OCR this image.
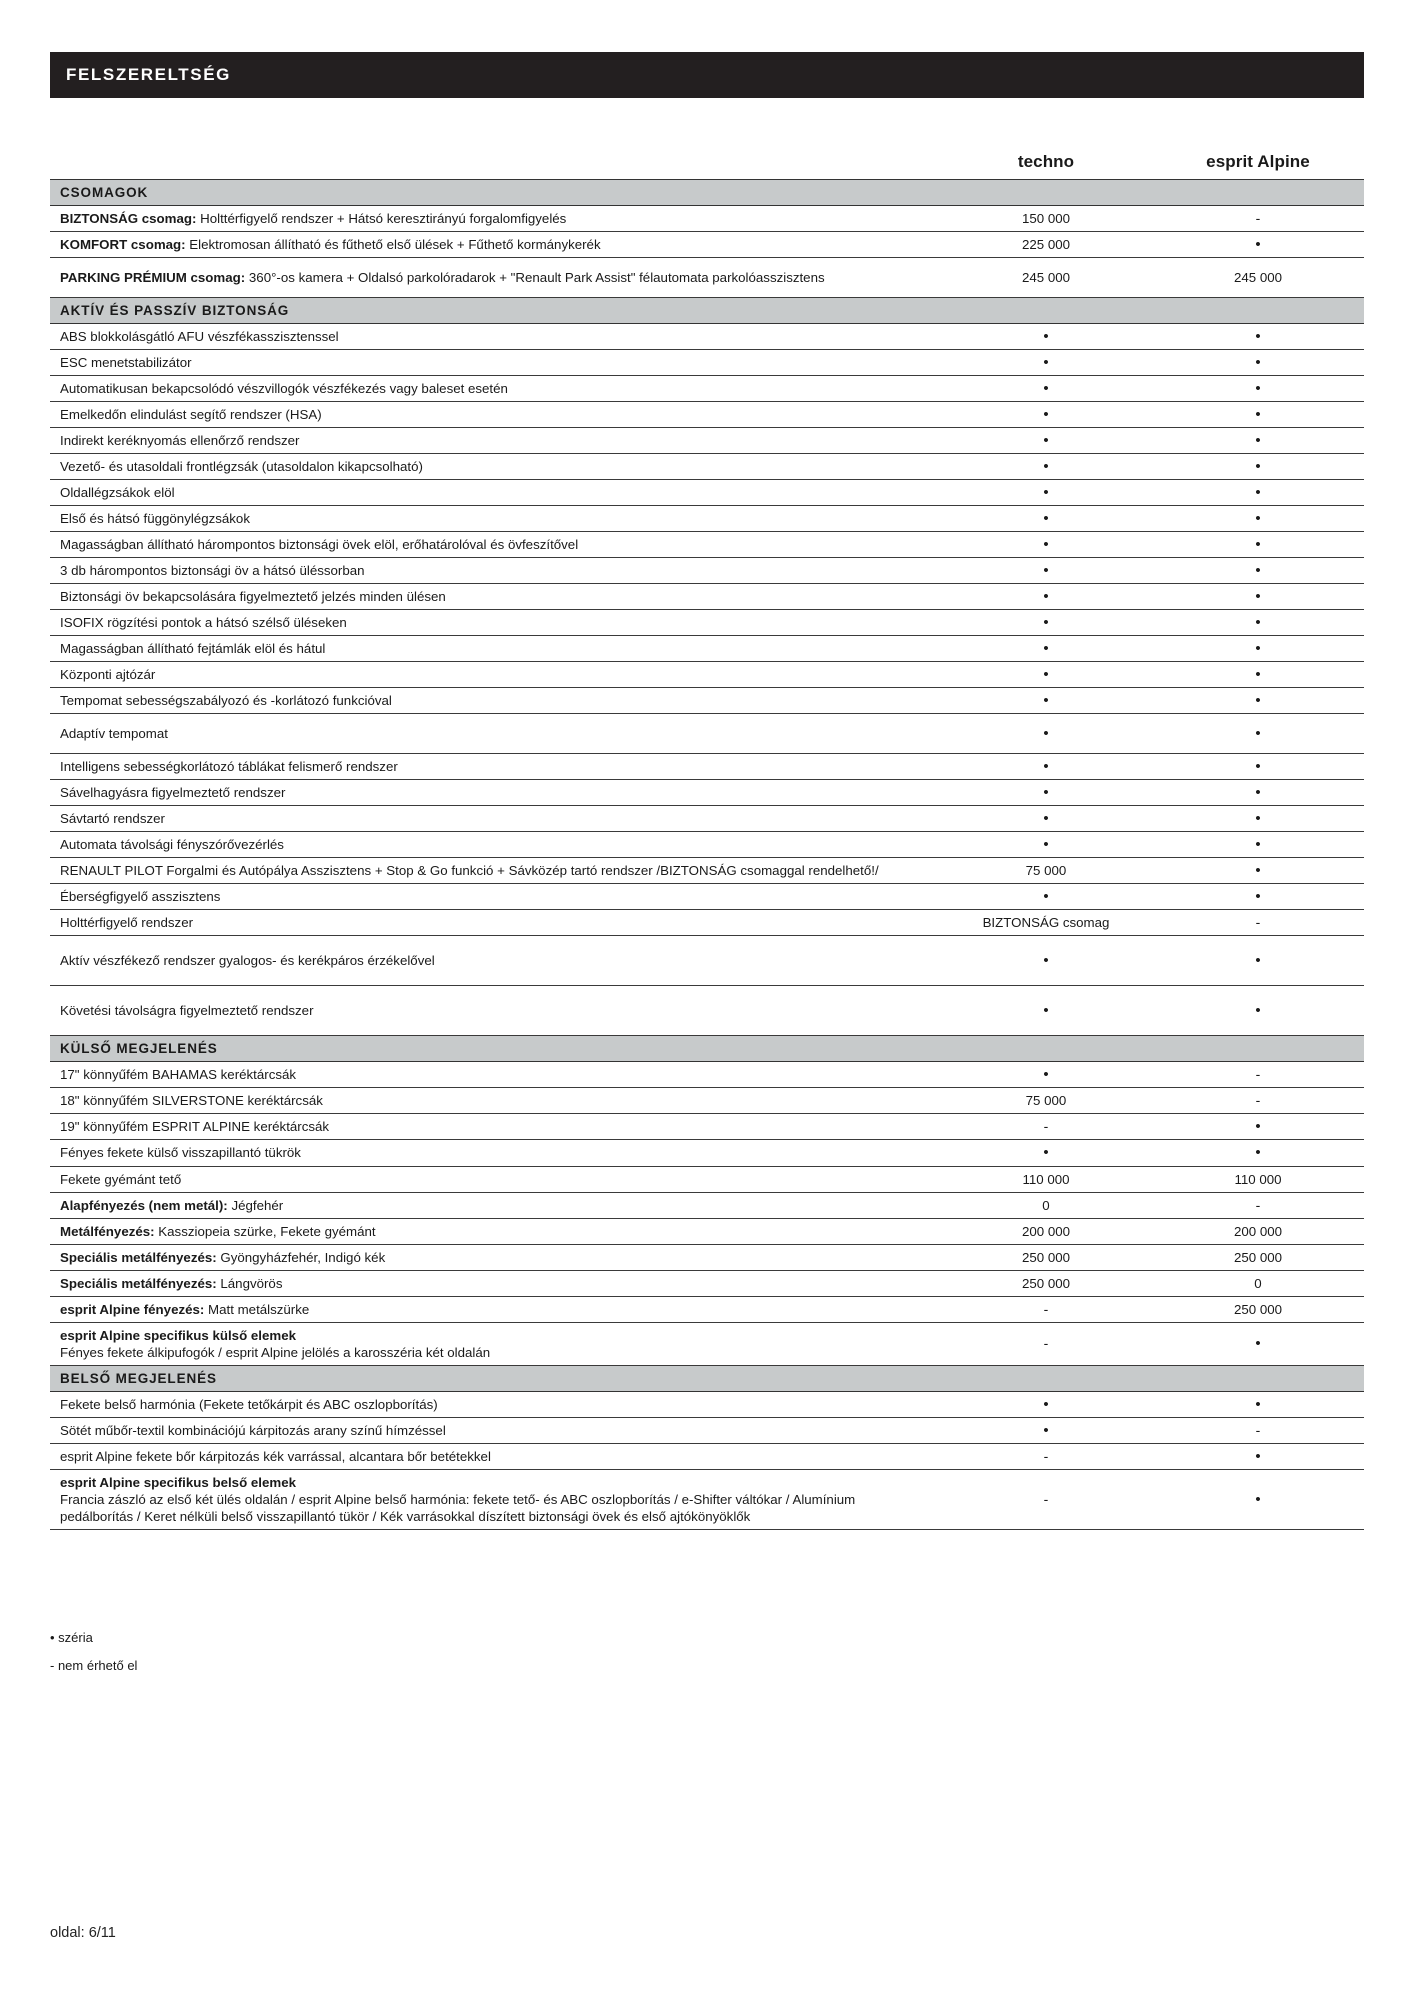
FELSZERELTSÉG
	techno	esprit Alpine
CSOMAGOK		
BIZTONSÁG csomag: Holttérfigyelő rendszer + Hátsó keresztirányú forgalomfigyelés	150 000	-
KOMFORT csomag: Elektromosan állítható és fűthető első ülések + Fűthető kormánykerék	225 000	•
PARKING PRÉMIUM csomag: 360°-os kamera + Oldalsó parkolóradarok + "Renault Park Assist" félautomata parkolóasszisztens	245 000	245 000
AKTÍV ÉS PASSZÍV BIZTONSÁG		
ABS blokkolásgátló AFU vészfékasszisztenssel	•	•
ESC menetstabilizátor	•	•
Automatikusan bekapcsolódó vészvillogók vészfékezés vagy baleset esetén	•	•
Emelkedőn elindulást segítő rendszer (HSA)	•	•
Indirekt keréknyomás ellenőrző rendszer	•	•
Vezető- és utasoldali frontlégzsák (utasoldalon kikapcsolható)	•	•
Oldallégzsákok elöl	•	•
Első és hátsó függönylégzsákok	•	•
Magasságban állítható hárompontos biztonsági övek elöl, erőhatárolóval és övfeszítővel	•	•
3 db hárompontos biztonsági öv a hátsó üléssorban	•	•
Biztonsági öv bekapcsolására figyelmeztető jelzés minden ülésen	•	•
ISOFIX rögzítési pontok a hátsó szélső üléseken	•	•
Magasságban állítható fejtámlák elöl és hátul	•	•
Központi ajtózár	•	•
Tempomat sebességszabályozó és -korlátozó funkcióval	•	•
Adaptív tempomat	•	•
Intelligens sebességkorlátozó táblákat felismerő rendszer	•	•
Sávelhagyásra figyelmeztető rendszer	•	•
Sávtartó rendszer	•	•
Automata távolsági fényszórővezérlés	•	•
RENAULT PILOT Forgalmi és Autópálya Asszisztens + Stop & Go funkció + Sávközép tartó rendszer /BIZTONSÁG csomaggal rendelhető!/	75 000	•
Éberségfigyelő asszisztens	•	•
Holttérfigyelő rendszer	BIZTONSÁG csomag	-
Aktív vészfékező rendszer gyalogos- és kerékpáros érzékelővel	•	•
Követési távolságra figyelmeztető rendszer	•	•
KÜLSŐ MEGJELENÉS		
17" könnyűfém BAHAMAS keréktárcsák	•	-
18" könnyűfém SILVERSTONE keréktárcsák	75 000	-
19" könnyűfém ESPRIT ALPINE keréktárcsák	-	•
Fényes fekete külső visszapillantó tükrök	•	•
Fekete gyémánt tető	110 000	110 000
Alapfényezés (nem metál): Jégfehér	0	-
Metálfényezés: Kassziopeia szürke, Fekete gyémánt	200 000	200 000
Speciális metálfényezés: Gyöngyházfehér, Indigó kék	250 000	250 000
Speciális metálfényezés: Lángvörös	250 000	0
esprit Alpine fényezés: Matt metálszürke	-	250 000
esprit Alpine specifikus külső elemek
Fényes fekete álkipufogók / esprit Alpine jelölés a karosszéria két oldalán	-	•
BELSŐ MEGJELENÉS		
Fekete belső harmónia (Fekete tetőkárpit és ABC oszlopborítás)	•	•
Sötét műbőr-textil kombinációjú kárpitozás arany színű hímzéssel	•	-
esprit Alpine fekete bőr kárpitozás kék varrással, alcantara bőr betétekkel	-	•
esprit Alpine specifikus belső elemek
Francia zászló az első két ülés oldalán / esprit Alpine belső harmónia: fekete tető- és ABC oszlopborítás / e-Shifter váltókar / Alumínium pedálborítás / Keret nélküli belső visszapillantó tükör / Kék varrásokkal díszített biztonsági övek és első ajtókönyöklők	-	•
• széria
- nem érhető el
oldal: 6/11
